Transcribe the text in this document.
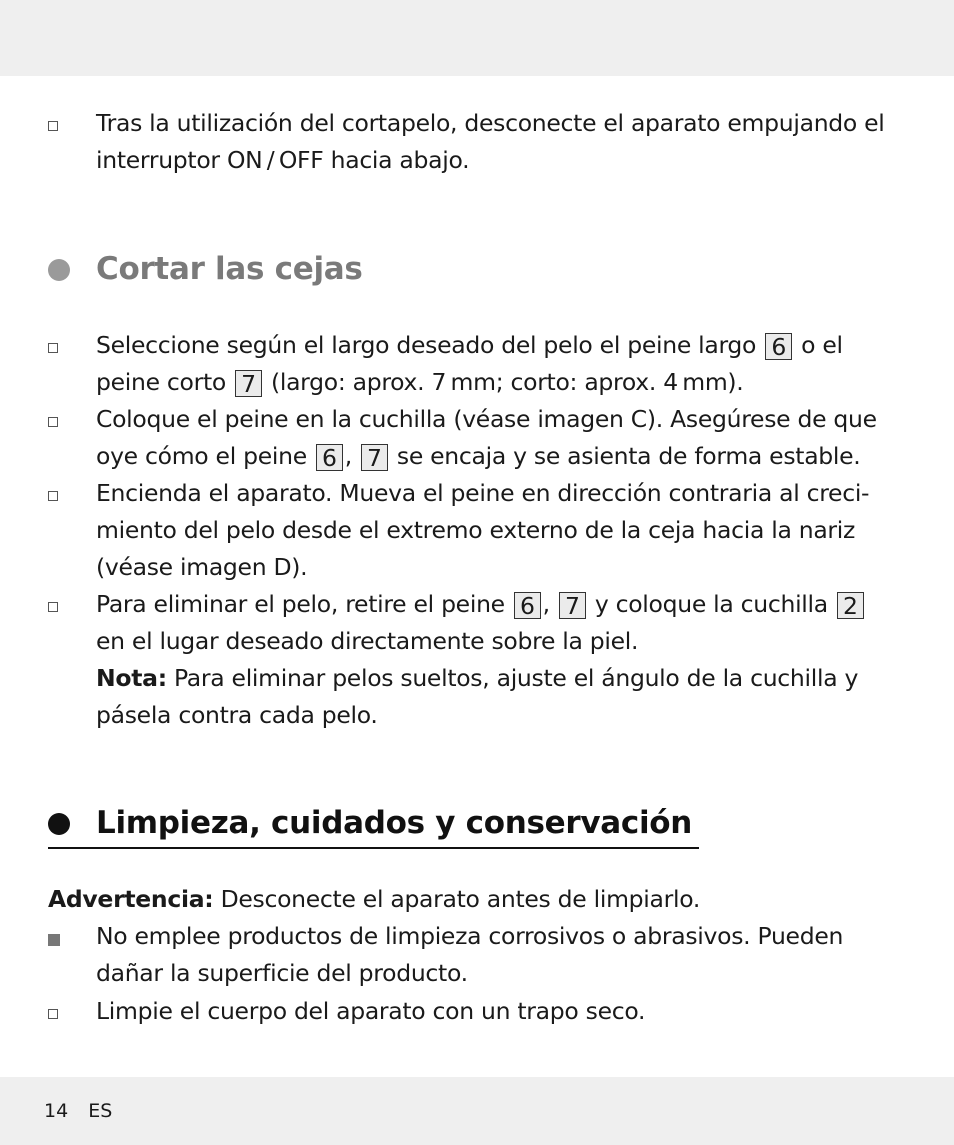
Tras la utilización del cortapelo, desconecte el aparato empujando el interruptor ON / OFF hacia abajo.
Cortar las cejas
Seleccione según el largo deseado del pelo el peine largo 6 o el peine corto 7 (largo: aprox. 7 mm; corto: aprox. 4 mm).
Coloque el peine en la cuchilla (véase imagen C). Asegúrese de que oye cómo el peine 6 , 7 se encaja y se asienta de forma estable.
Encienda el aparato. Mueva el peine en dirección contraria al creci- miento del pelo desde el extremo externo de la ceja hacia la nariz (véase imagen D).
Para eliminar el pelo, retire el peine 6 , 7 y coloque la cuchilla 2 en el lugar deseado directamente sobre la piel.
Nota: Para eliminar pelos sueltos, ajuste el ángulo de la cuchilla y pásela contra cada pelo.
Limpieza, cuidados y conservación
Advertencia: Desconecte el aparato antes de limpiarlo.
No emplee productos de limpieza corrosivos o abrasivos. Pueden dañar la superficie del producto.
Limpie el cuerpo del aparato con un trapo seco.
14 ES
